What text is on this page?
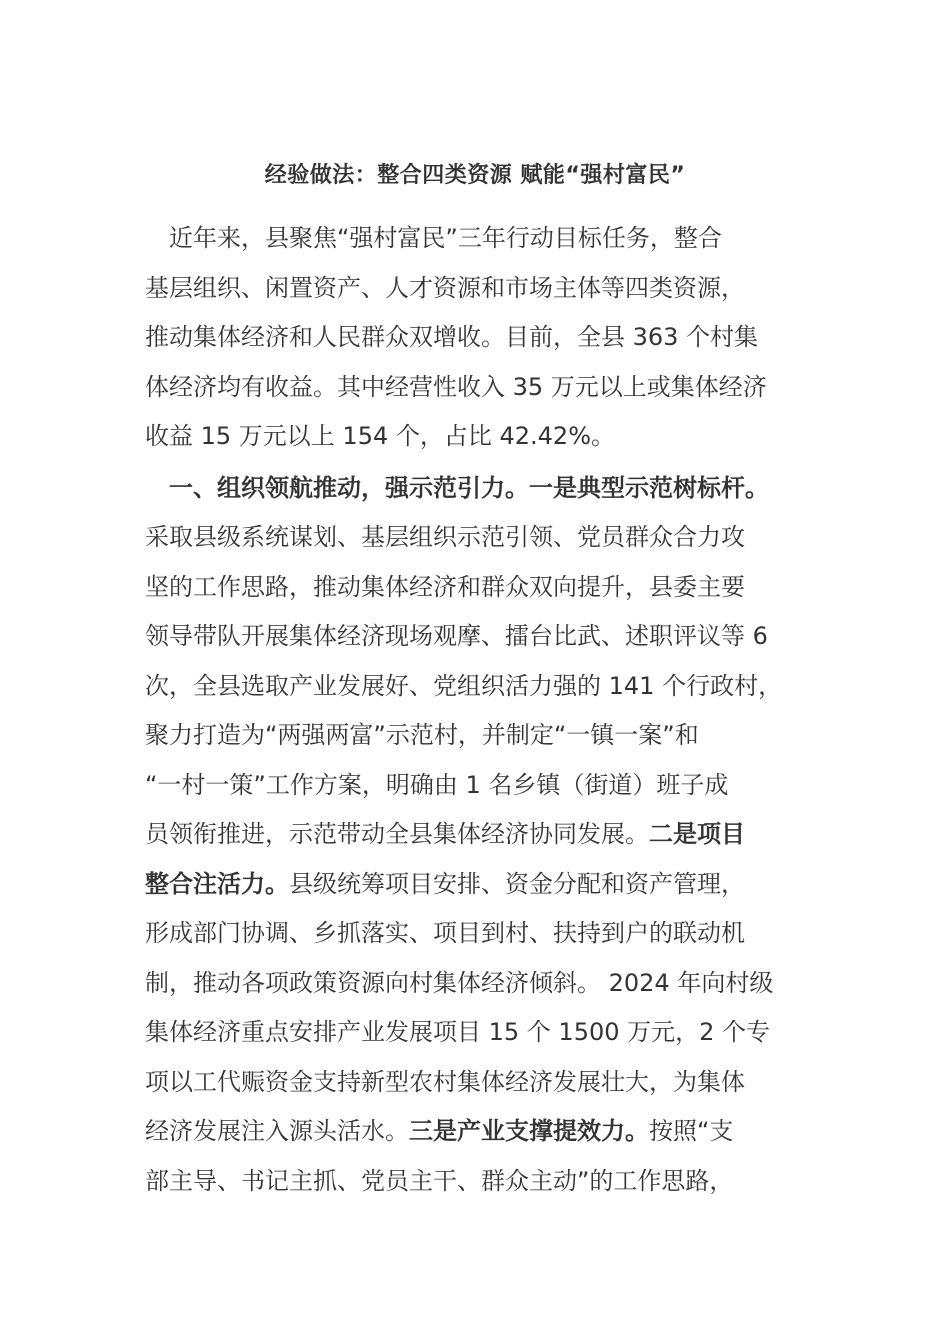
经验做法：整合四类资源 赋能“强村富民”
　近年来，县聚焦“强村富民”三年行动目标任务，整合
基层组织、闲置资产、人才资源和市场主体等四类资源，
推动集体经济和人民群众双增收。目前，全县 363 个村集
体经济均有收益。其中经营性收入 35 万元以上或集体经济
收益 15 万元以上 154 个，占比 42.42%。
　一、组织领航推动，强示范引力。一是典型示范树标杆。
采取县级系统谋划、基层组织示范引领、党员群众合力攻
坚的工作思路，推动集体经济和群众双向提升，县委主要
领导带队开展集体经济现场观摩、擂台比武、述职评议等 6
次，全县选取产业发展好、党组织活力强的 141 个行政村，
聚力打造为“两强两富”示范村，并制定“一镇一案”和
“一村一策”工作方案，明确由 1 名乡镇（街道）班子成
员领衔推进，示范带动全县集体经济协同发展。二是项目
整合注活力。县级统筹项目安排、资金分配和资产管理，
形成部门协调、乡抓落实、项目到村、扶持到户的联动机
制，推动各项政策资源向村集体经济倾斜。 2024 年向村级
集体经济重点安排产业发展项目 15 个 1500 万元，2 个专
项以工代赈资金支持新型农村集体经济发展壮大，为集体
经济发展注入源头活水。三是产业支撑提效力。按照“支
部主导、书记主抓、党员主干、群众主动”的工作思路，
